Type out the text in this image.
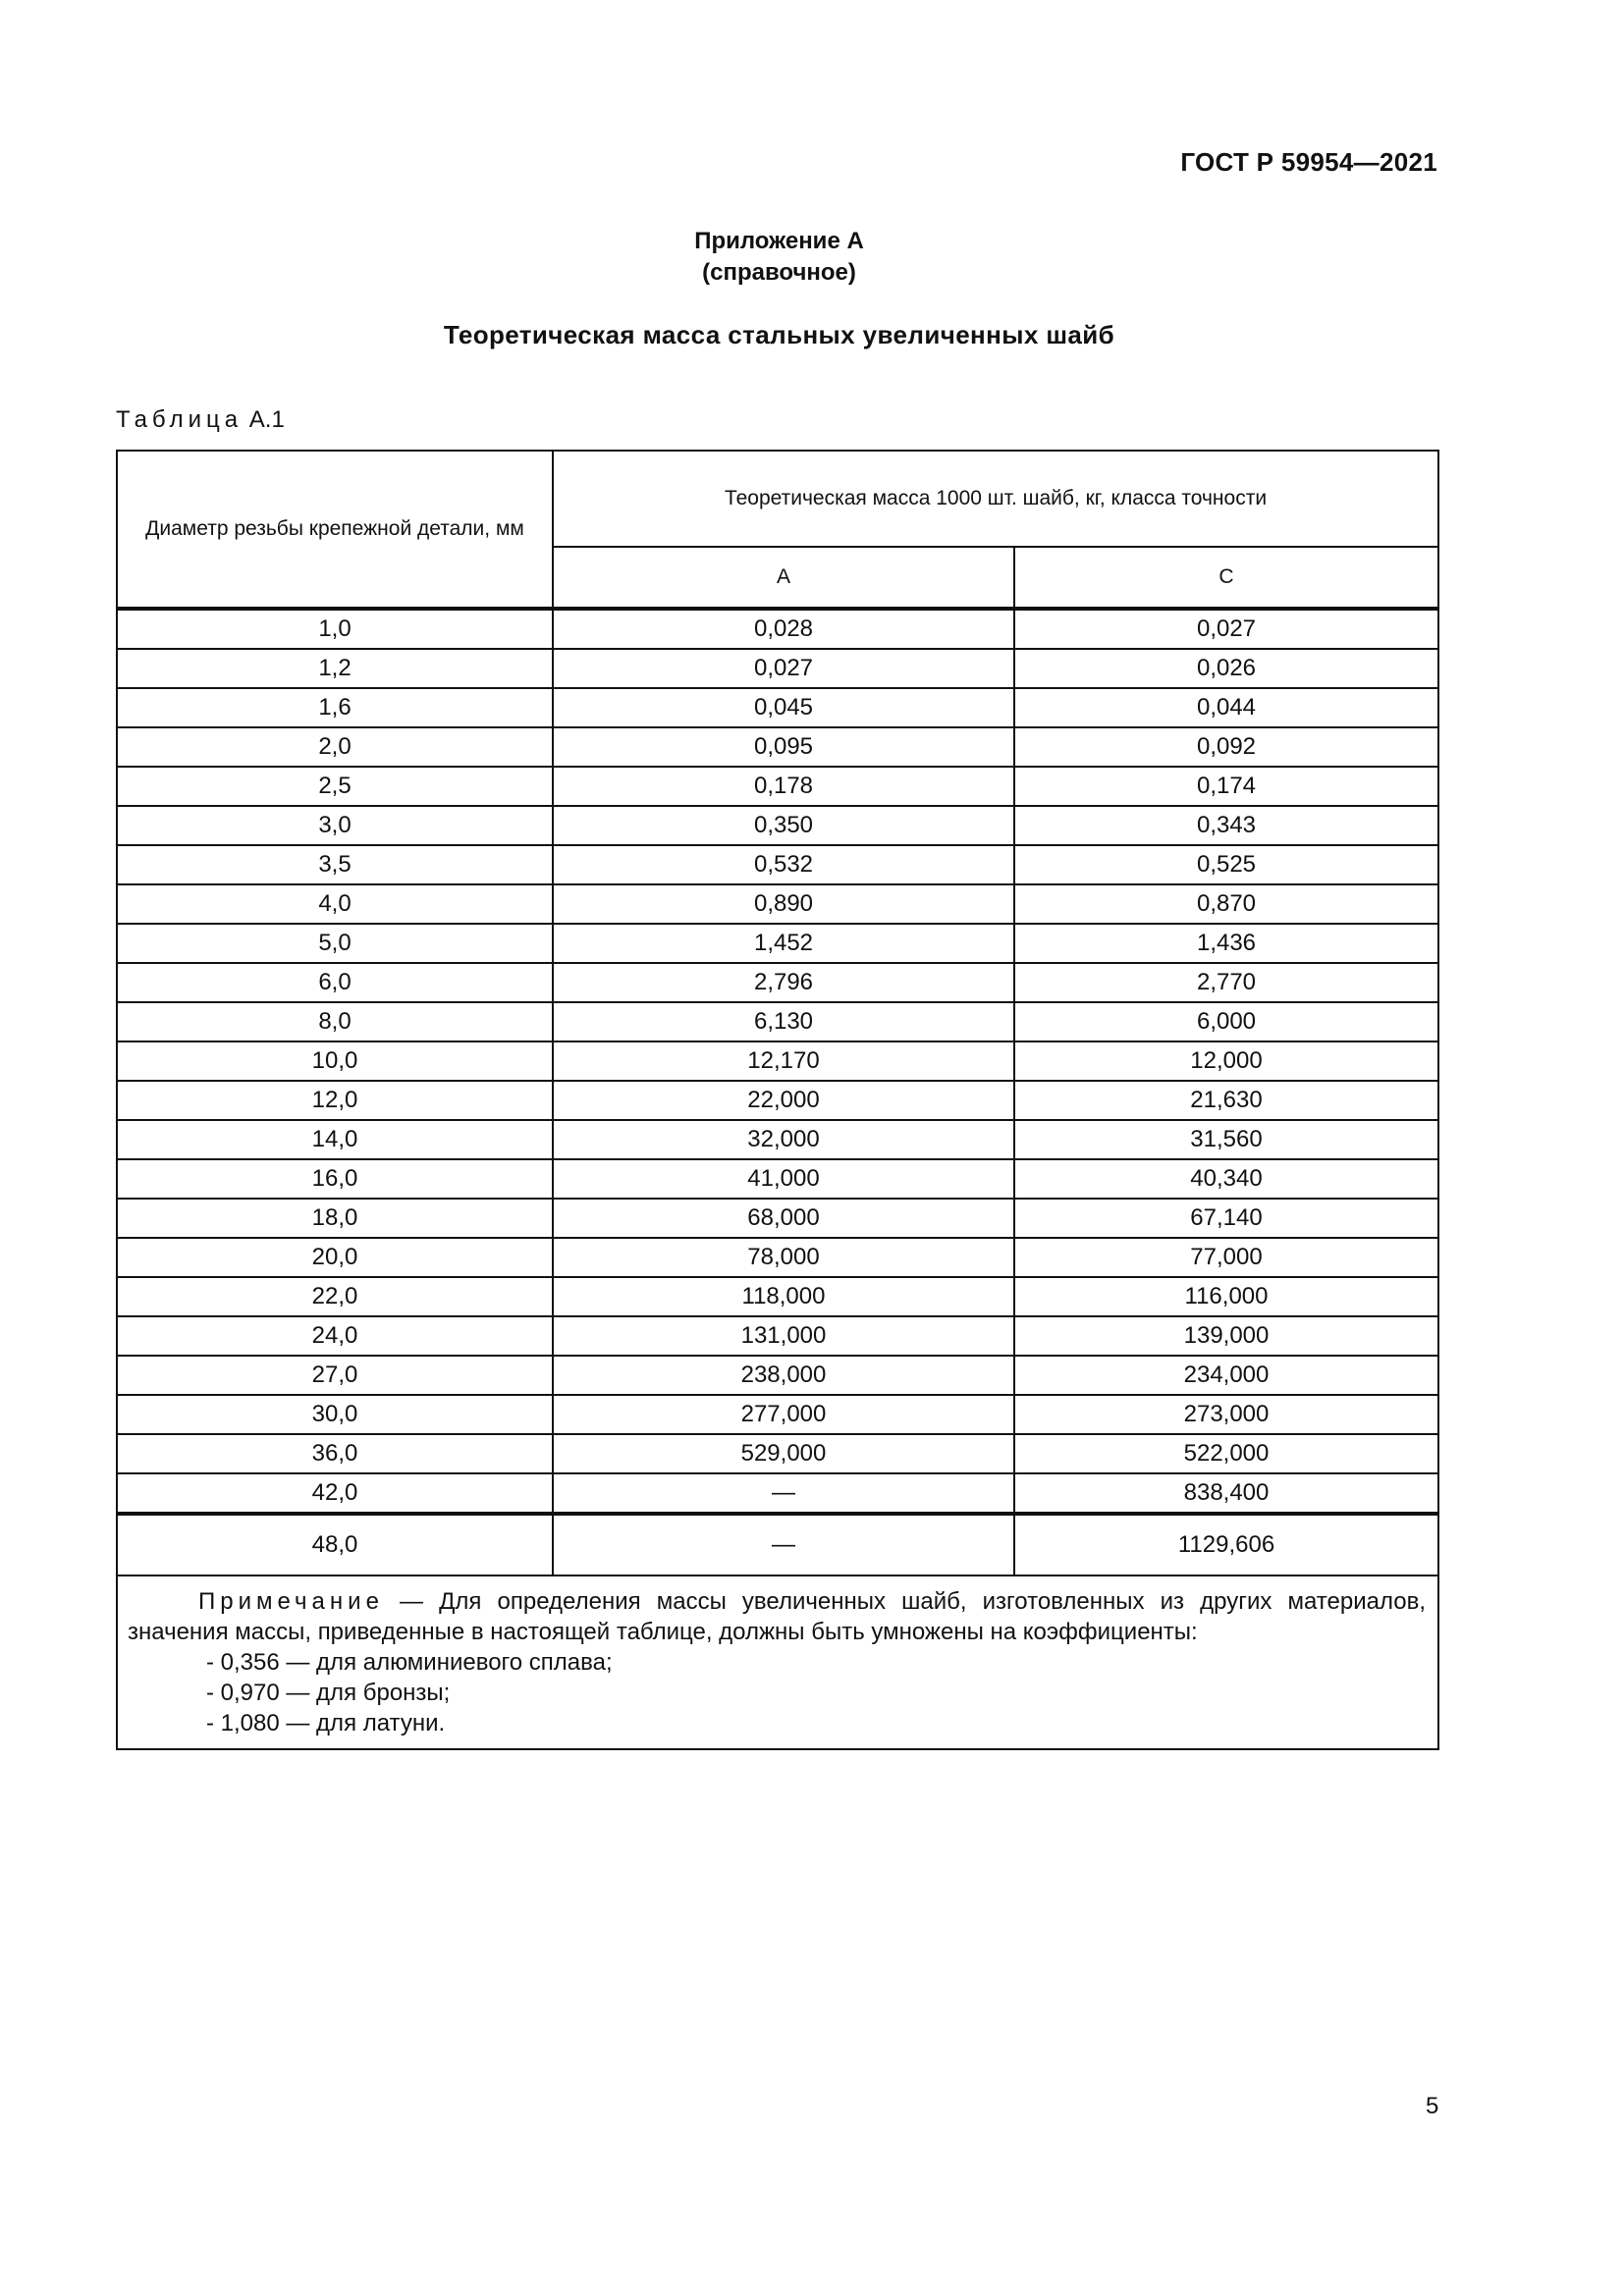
ГОСТ Р 59954—2021
Приложение А
(справочное)
Теоретическая масса стальных увеличенных шайб
Таблица А.1
Диаметр резьбы крепежной детали, мм	Теоретическая масса 1000 шт. шайб, кг, класса точности	
	А	С
1,0	0,028	0,027
1,2	0,027	0,026
1,6	0,045	0,044
2,0	0,095	0,092
2,5	0,178	0,174
3,0	0,350	0,343
3,5	0,532	0,525
4,0	0,890	0,870
5,0	1,452	1,436
6,0	2,796	2,770
8,0	6,130	6,000
10,0	12,170	12,000
12,0	22,000	21,630
14,0	32,000	31,560
16,0	41,000	40,340
18,0	68,000	67,140
20,0	78,000	77,000
22,0	118,000	116,000
24,0	131,000	139,000
27,0	238,000	234,000
30,0	277,000	273,000
36,0	529,000	522,000
42,0	—	838,400
48,0	—	1129,606

Примечание — Для определения массы увеличенных шайб, изготовленных из других материалов, значения массы, приведенные в настоящей таблице, должны быть умножены на коэффициенты:
- 0,356 — для алюминиевого сплава;
- 0,970 — для бронзы;
- 1,080 — для латуни.		
5
